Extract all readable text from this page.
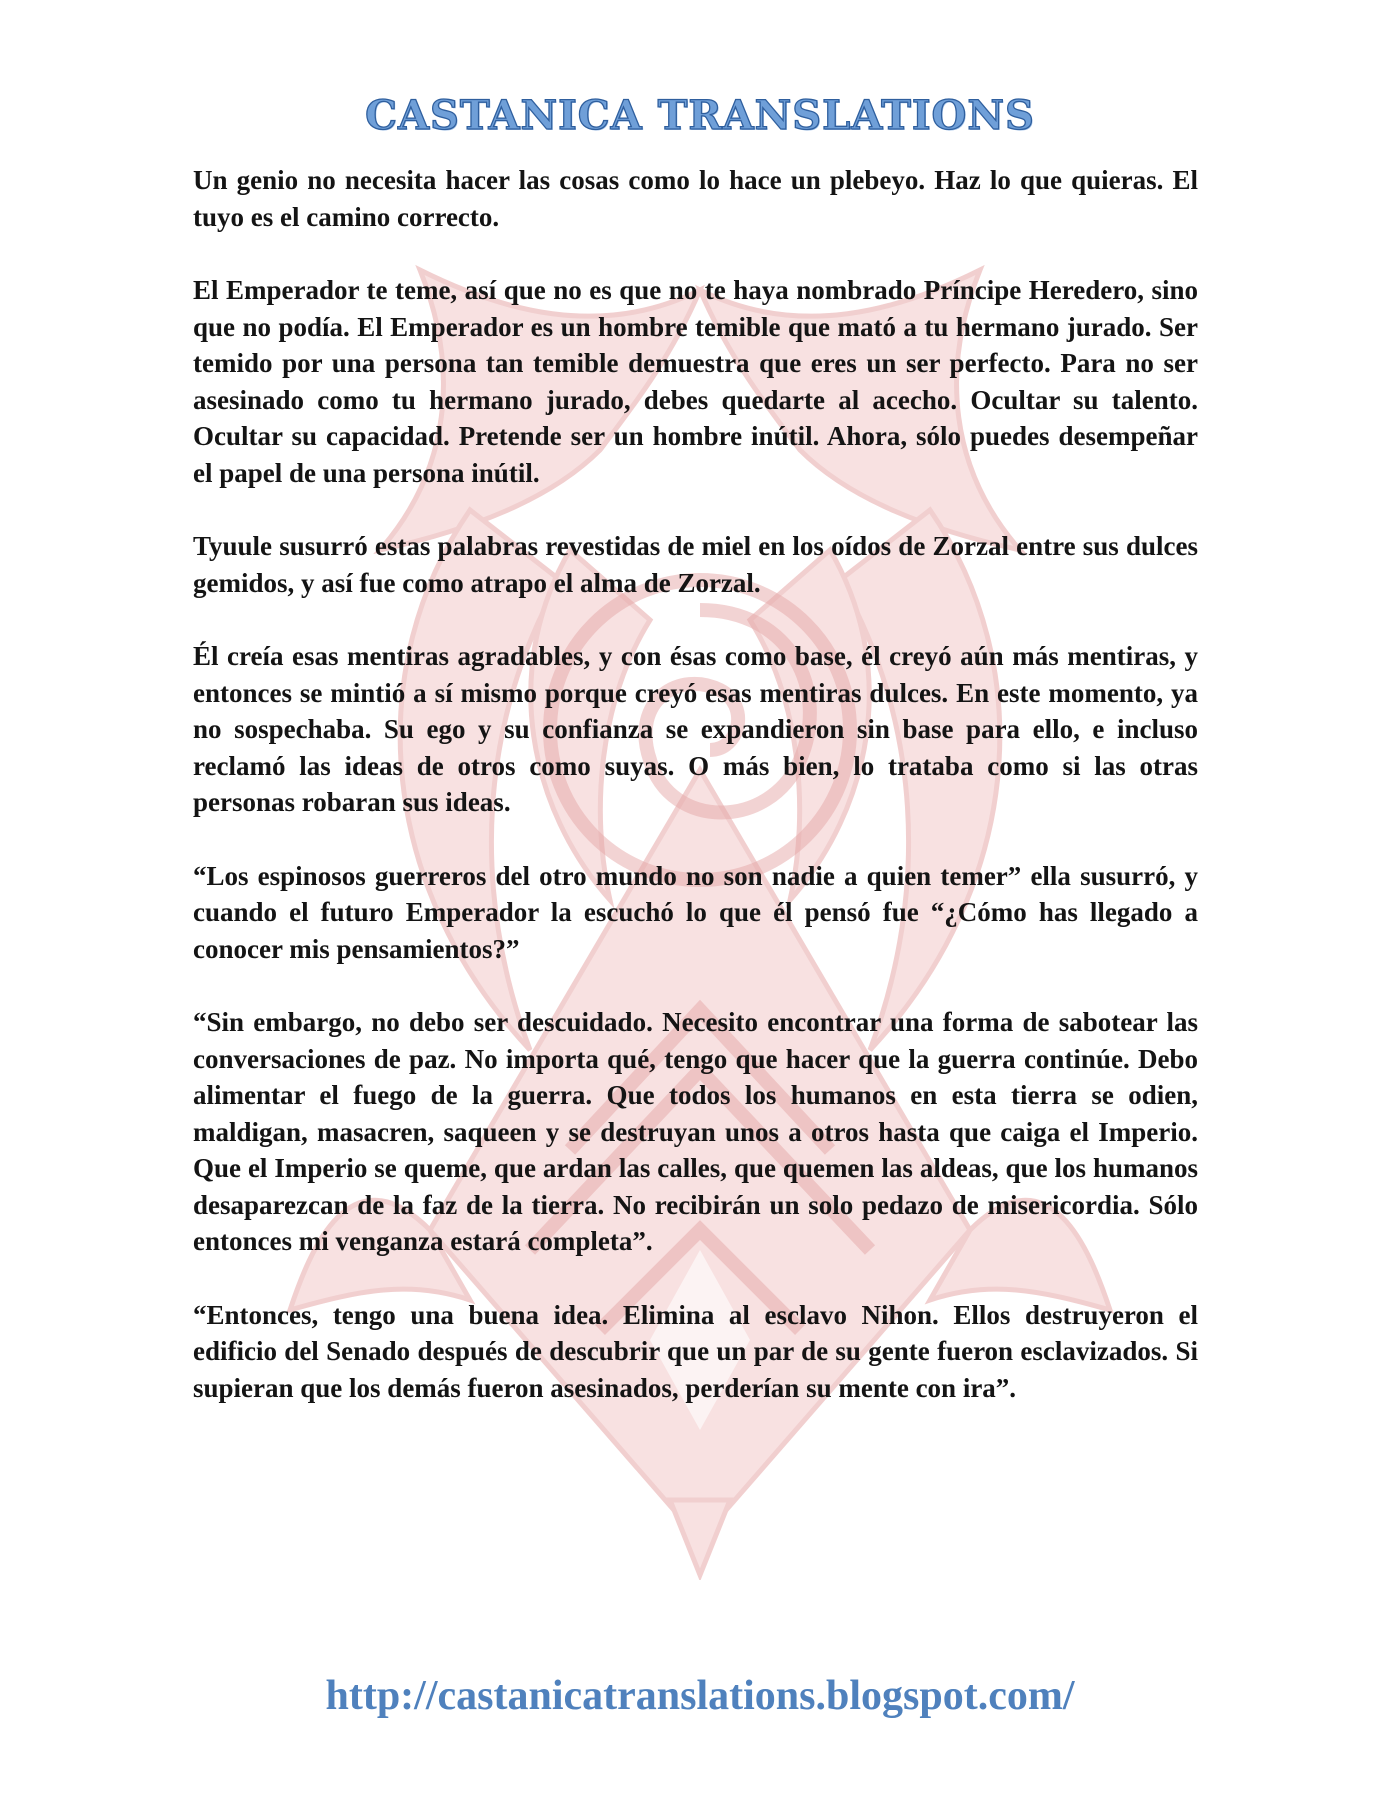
CASTANICA TRANSLATIONS

Un genio no necesita hacer las cosas como lo hace un plebeyo. Haz lo que quieras. El tuyo es el camino correcto.

El Emperador te teme, así que no es que no te haya nombrado Príncipe Heredero, sino que no podía. El Emperador es un hombre temible que mató a tu hermano jurado. Ser temido por una persona tan temible demuestra que eres un ser perfecto. Para no ser asesinado como tu hermano jurado, debes quedarte al acecho. Ocultar su talento. Ocultar su capacidad. Pretende ser un hombre inútil. Ahora, sólo puedes desempeñar el papel de una persona inútil.

Tyuule susurró estas palabras revestidas de miel en los oídos de Zorzal entre sus dulces gemidos, y así fue como atrapo el alma de Zorzal.

Él creía esas mentiras agradables, y con ésas como base, él creyó aún más mentiras, y entonces se mintió a sí mismo porque creyó esas mentiras dulces. En este momento, ya no sospechaba. Su ego y su confianza se expandieron sin base para ello, e incluso reclamó las ideas de otros como suyas. O más bien, lo trataba como si las otras personas robaran sus ideas.

“Los espinosos guerreros del otro mundo no son nadie a quien temer” ella susurró, y cuando el futuro Emperador la escuchó lo que él pensó fue “¿Cómo has llegado a conocer mis pensamientos?”

“Sin embargo, no debo ser descuidado. Necesito encontrar una forma de sabotear las conversaciones de paz. No importa qué, tengo que hacer que la guerra continúe. Debo alimentar el fuego de la guerra. Que todos los humanos en esta tierra se odien, maldigan, masacren, saqueen y se destruyan unos a otros hasta que caiga el Imperio. Que el Imperio se queme, que ardan las calles, que quemen las aldeas, que los humanos desaparezcan de la faz de la tierra. No recibirán un solo pedazo de misericordia. Sólo entonces mi venganza estará completa”.

“Entonces, tengo una buena idea. Elimina al esclavo Nihon. Ellos destruyeron el edificio del Senado después de descubrir que un par de su gente fueron esclavizados. Si supieran que los demás fueron asesinados, perderían su mente con ira”.

http://castanicatranslations.blogspot.com/
